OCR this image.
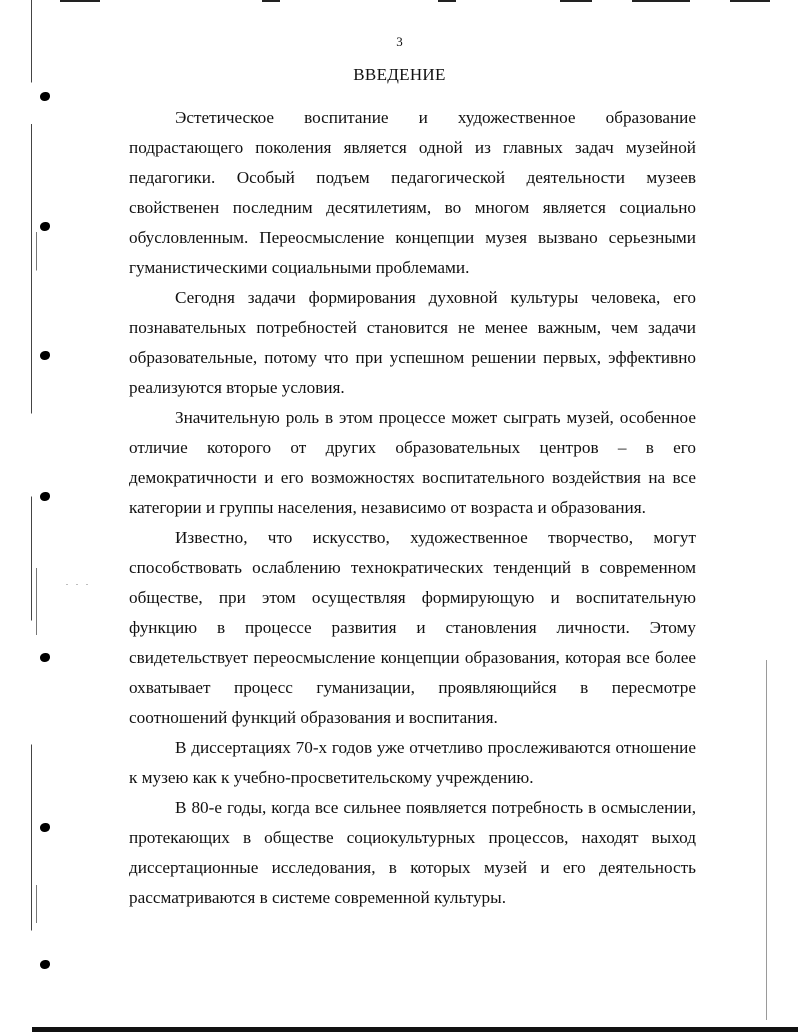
. . .
3
ВВЕДЕНИЕ

Эстетическое воспитание и художественное образование подрастающего поколения является одной из главных задач музейной педагогики. Особый подъем педагогической деятельности музеев свойственен последним десятилетиям, во многом является социально обусловленным. Переосмысление концепции музея вызвано серьезными гуманистическими социальными проблемами.

Сегодня задачи формирования духовной культуры человека, его познавательных потребностей становится не менее важным, чем задачи образовательные, потому что при успешном решении первых, эффективно реализуются вторые условия.

Значительную роль в этом процессе может сыграть музей, особенное отличие которого от других образовательных центров – в его демократичности и его возможностях воспитательного воздействия на все категории и группы населения, независимо от возраста и образования.

Известно, что искусство, художественное творчество, могут способствовать ослаблению технократических тенденций в современном обществе, при этом осуществляя формирующую и воспитательную функцию в процессе развития и становления личности. Этому свидетельствует переосмысление концепции образования, которая все более охватывает процесс гуманизации, проявляющийся в пересмотре соотношений функций образования и воспитания.

В диссертациях 70-х годов уже отчетливо прослеживаются отношение к музею как к учебно-просветительскому учреждению.

В 80-е годы, когда все сильнее появляется потребность в осмыслении, протекающих в обществе социокультурных процессов, находят выход диссертационные исследования, в которых музей и его деятельность рассматриваются в системе современной культуры.
